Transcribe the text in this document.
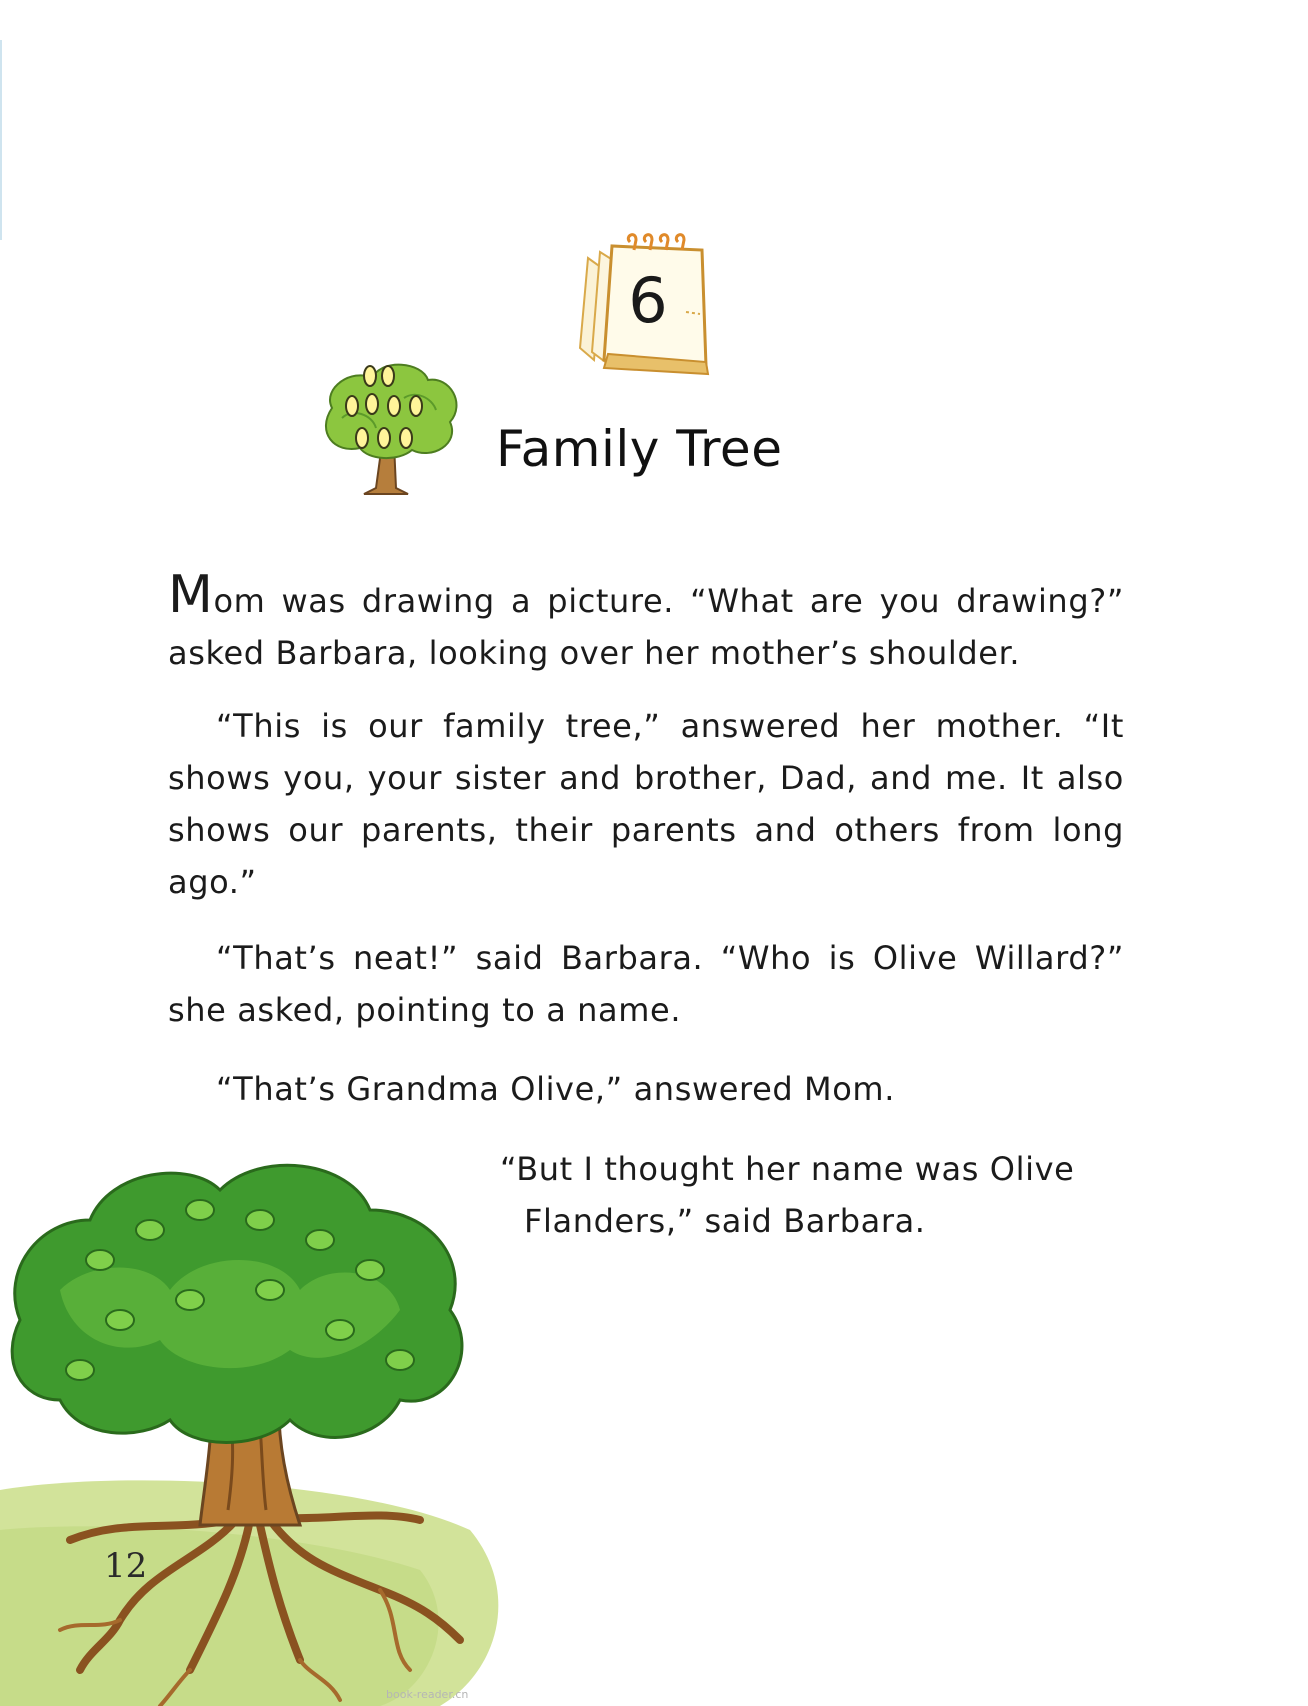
6
Family Tree

Mom was drawing a picture. “What are you drawing?” asked Barbara, looking over her mother’s shoulder.

“This is our family tree,” answered her mother. “It shows you, your sister and brother, Dad, and me. It also shows our parents, their parents and others from long ago.”

“That’s neat!” said Barbara. “Who is Olive Willard?” she asked, pointing to a name.

“That’s Grandma Olive,” answered Mom.

“But I thought her name was Olive
Flanders,” said Barbara.

12
book-reader.cn
